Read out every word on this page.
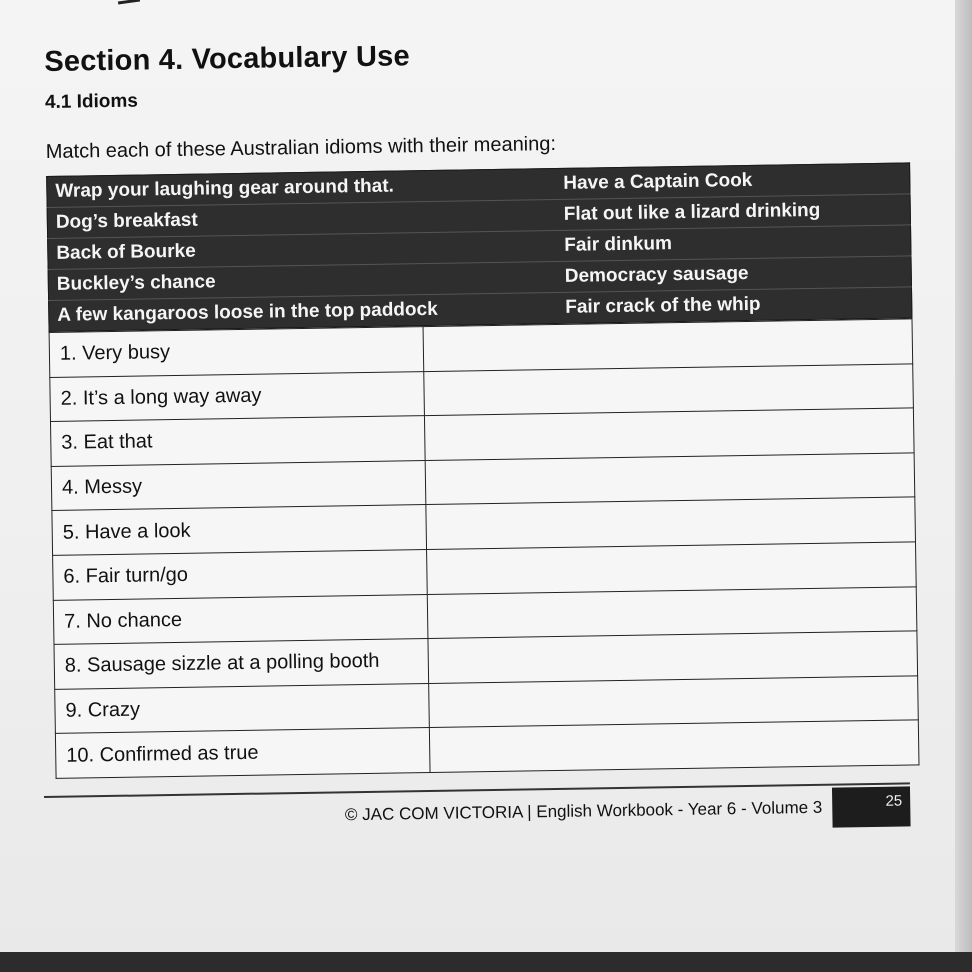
Section 4. Vocabulary Use
4.1 Idioms
Match each of these Australian idioms with their meaning:
Wrap your laughing gear around that.	Have a Captain Cook
Dog’s breakfast	Flat out like a lizard drinking
Back of Bourke	Fair dinkum
Buckley’s chance	Democracy sausage
A few kangaroos loose in the top paddock	Fair crack of the whip
1. Very busy	
2. It’s a long way away	
3. Eat that	
4. Messy	
5. Have a look	
6. Fair turn/go	
7. No chance	
8. Sausage sizzle at a polling booth	
9. Crazy	
10. Confirmed as true	
© JAC COM VICTORIA | English Workbook - Year 6 - Volume 3	25
